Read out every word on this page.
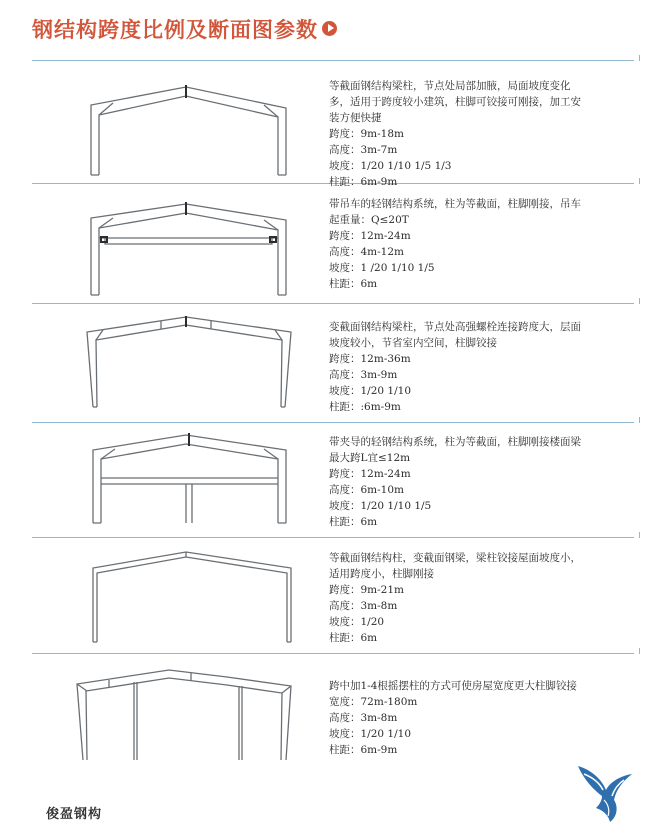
钢结构跨度比例及断面图参数
等截面钢结构梁柱，节点处局部加腋，局面坡度变化多，适用于跨度较小建筑，柱脚可铰接可刚接，加工安装方便快捷
跨度：9m-18m
高度：3m-7m
坡度：1/20 1/10 1/5 1/3
柱距：6m-9m
带吊车的轻钢结构系统，柱为等截面，柱脚刚接，吊车起重量：Q≤20T
跨度：12m-24m
高度：4m-12m
坡度：1 /20 1/10 1/5
柱距：6m
变截面钢结构梁柱，节点处高强螺栓连接跨度大，层面坡度较小，节省室内空间，柱脚铰接
跨度：12m-36m
高度：3m-9m
坡度：1/20 1/10
柱距：:6m-9m
带夹导的轻钢结构系统，柱为等截面，柱脚刚接楼面梁最大跨L宜≤12m
跨度：12m-24m
高度：6m-10m
坡度：1/20 1/10 1/5
柱距：6m
等截面钢结构柱，变截面钢梁，梁柱铰接屋面坡度小，适用跨度小，柱脚刚接
跨度：9m-21m
高度：3m-8m
坡度：1/20
柱距：6m
跨中加1-4根摇摆柱的方式可使房屋宽度更大柱脚铰接
宽度：72m-180m
高度：3m-8m
坡度：1/20 1/10
柱距：6m-9m
俊盈钢构
